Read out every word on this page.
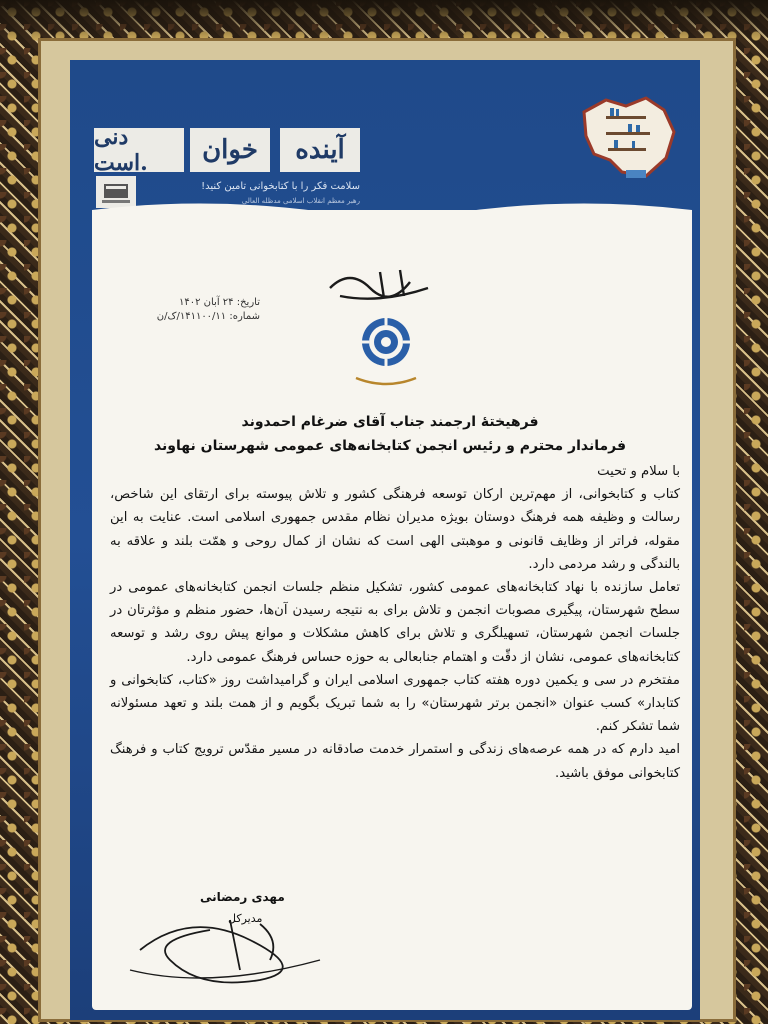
آینده
خوان
دنی است.
سلامت فکر را با کتابخوانی تامین کنید!
رهبر معظم انقلاب اسلامی مدظله العالی
تاریخ: ۲۴ آبان ۱۴۰۲
شماره: ۱۴۱۱۰۰/۱۱/ک/ن
فرهیختهٔ ارجمند جناب آقای ضرغام احمدوند
فرماندار محترم و رئیس انجمن کتابخانه‌های عمومی شهرستان نهاوند

با سلام و تحیت

کتاب و کتابخوانی، از مهم‌ترین ارکان توسعه فرهنگی کشور و تلاش پیوسته برای ارتقای این شاخص، رسالت و وظیفه همه فرهنگ دوستان بویژه مدیران نظام مقدس جمهوری اسلامی است. عنایت به این مقوله، فراتر از وظایف قانونی و موهبتی الهی است که نشان از کمال روحی و همّت بلند و علاقه به بالندگی و رشد مردمی دارد.

تعامل سازنده با نهاد کتابخانه‌های عمومی کشور، تشکیل منظم جلسات انجمن کتابخانه‌های عمومی در سطح شهرستان، پیگیری مصوبات انجمن و تلاش برای به نتیجه رسیدن آن‌ها، حضور منظم و مؤثرتان در جلسات انجمن شهرستان، تسهیلگری و تلاش برای کاهش مشکلات و موانع پیش روی رشد و توسعه کتابخانه‌های عمومی، نشان از دقّت و اهتمام جنابعالی به حوزه حساس فرهنگ عمومی دارد.

مفتخرم در سی و یکمین دوره هفته کتاب جمهوری اسلامی ایران و گرامیداشت روز «کتاب، کتابخوانی و کتابدار» کسب عنوان «انجمن برتر شهرستان» را به شما تبریک بگویم و از همت بلند و تعهد مسئولانه شما تشکر کنم.

امید دارم که در همه عرصه‌های زندگی و استمرار خدمت صادقانه در مسیر مقدّس ترویج کتاب و فرهنگ کتابخوانی موفق باشید.

مهدی رمضانی
مدیرکل
